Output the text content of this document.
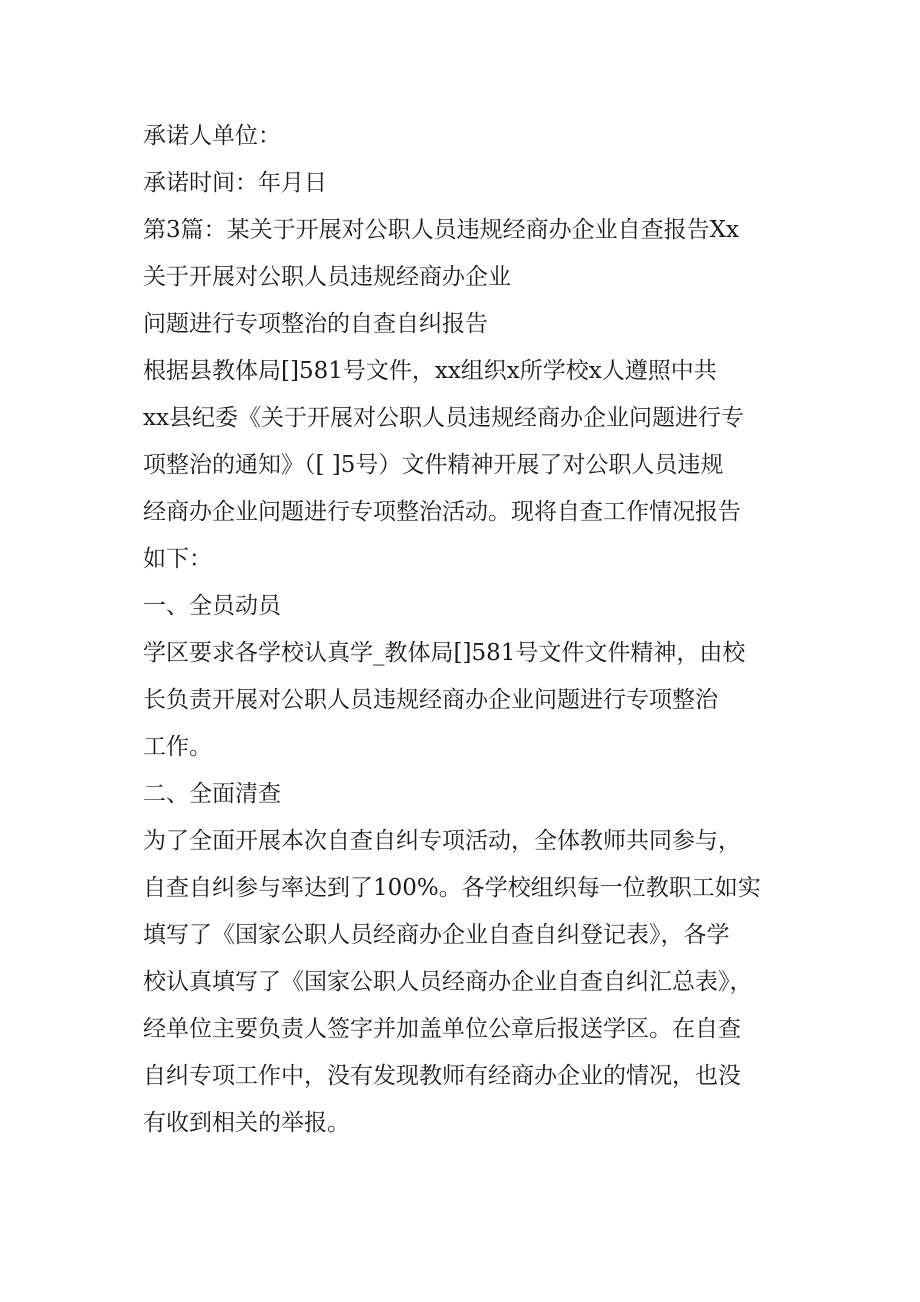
承诺人单位：
承诺时间：年月日
第3篇：某关于开展对公职人员违规经商办企业自查报告Xx
关于开展对公职人员违规经商办企业
问题进行专项整治的自查自纠报告
根据县教体局[]581号文件，xx组织x所学校x人遵照中共
xx县纪委《关于开展对公职人员违规经商办企业问题进行专
项整治的通知》（[ ]5号）文件精神开展了对公职人员违规
经商办企业问题进行专项整治活动。现将自查工作情况报告
如下：
一、全员动员
学区要求各学校认真学_教体局[]581号文件文件精神，由校
长负责开展对公职人员违规经商办企业问题进行专项整治
工作。
二、全面清查
为了全面开展本次自查自纠专项活动，全体教师共同参与，
自查自纠参与率达到了100%。各学校组织每一位教职工如实
填写了《国家公职人员经商办企业自查自纠登记表》，各学
校认真填写了《国家公职人员经商办企业自查自纠汇总表》，
经单位主要负责人签字并加盖单位公章后报送学区。在自查
自纠专项工作中，没有发现教师有经商办企业的情况，也没
有收到相关的举报。
